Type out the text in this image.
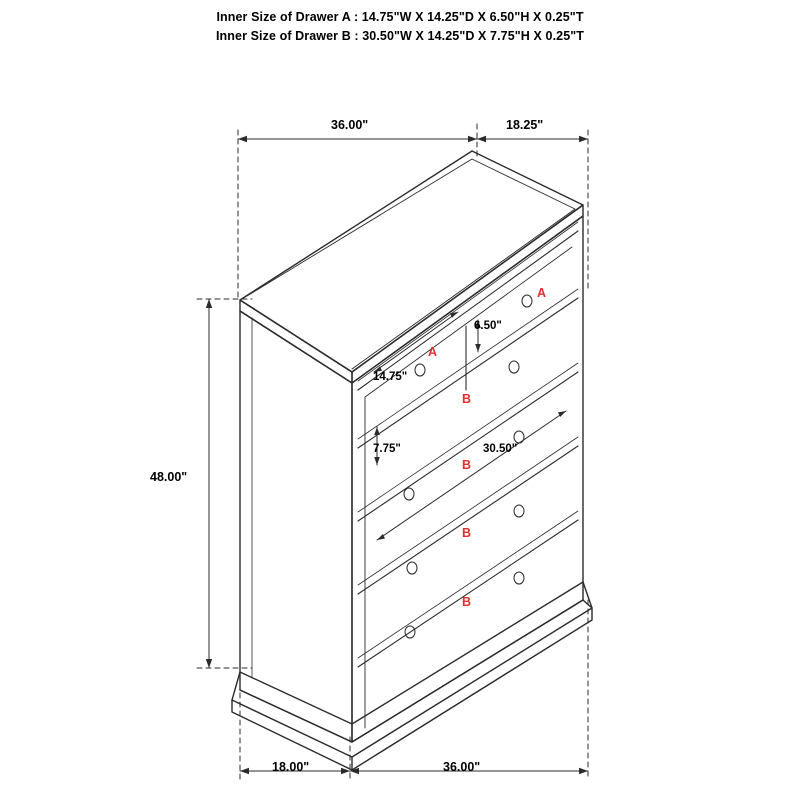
Inner Size of Drawer A : 14.75"W X 14.25"D X 6.50"H X 0.25"T
Inner Size of Drawer B : 30.50"W X 14.25"D X 7.75"H X 0.25"T
36.00"	18.25"
48.00"
18.00"	36.00"
6.50"
14.75"
7.75"	30.50"
A
A
B
B
B
B
